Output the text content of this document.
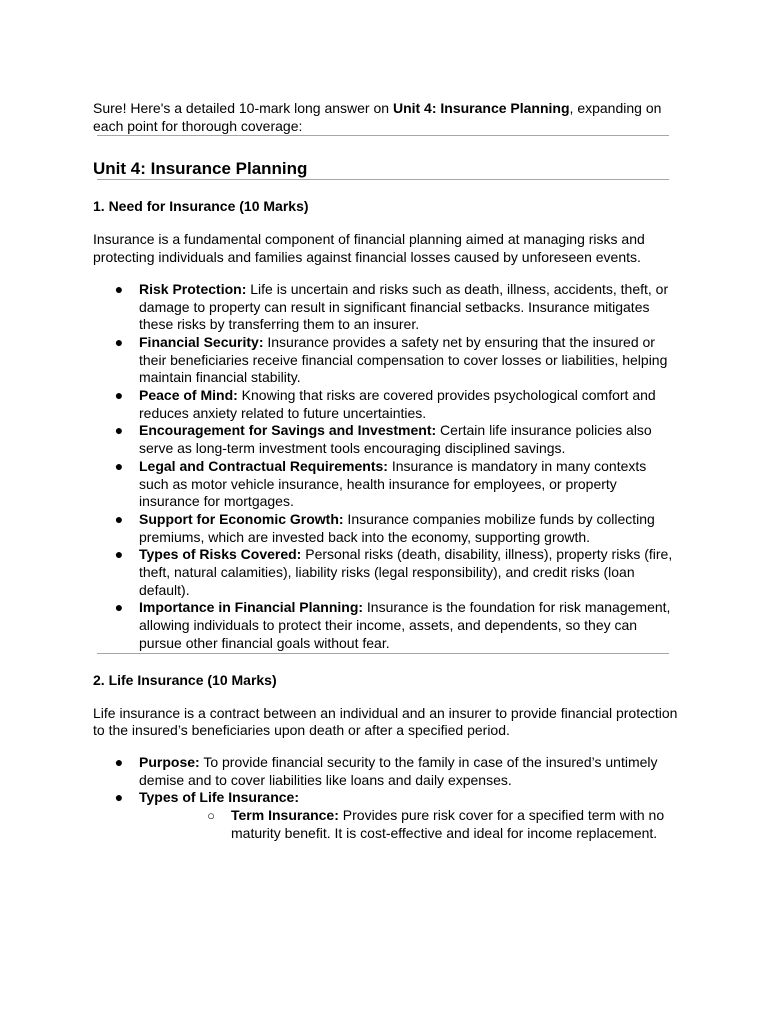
Sure! Here's a detailed 10-mark long answer on Unit 4: Insurance Planning, expanding on each point for thorough coverage:

Unit 4: Insurance Planning
1. Need for Insurance (10 Marks)

Insurance is a fundamental component of financial planning aimed at managing risks and protecting individuals and families against financial losses caused by unforeseen events.

● Risk Protection: Life is uncertain and risks such as death, illness, accidents, theft, or damage to property can result in significant financial setbacks. Insurance mitigates these risks by transferring them to an insurer.
● Financial Security: Insurance provides a safety net by ensuring that the insured or their beneficiaries receive financial compensation to cover losses or liabilities, helping maintain financial stability.
● Peace of Mind: Knowing that risks are covered provides psychological comfort and reduces anxiety related to future uncertainties.
● Encouragement for Savings and Investment: Certain life insurance policies also serve as long-term investment tools encouraging disciplined savings.
● Legal and Contractual Requirements: Insurance is mandatory in many contexts such as motor vehicle insurance, health insurance for employees, or property insurance for mortgages.
● Support for Economic Growth: Insurance companies mobilize funds by collecting premiums, which are invested back into the economy, supporting growth.
● Types of Risks Covered: Personal risks (death, disability, illness), property risks (fire, theft, natural calamities), liability risks (legal responsibility), and credit risks (loan default).
● Importance in Financial Planning: Insurance is the foundation for risk management, allowing individuals to protect their income, assets, and dependents, so they can pursue other financial goals without fear.
2. Life Insurance (10 Marks)

Life insurance is a contract between an individual and an insurer to provide financial protection to the insured’s beneficiaries upon death or after a specified period.

● Purpose: To provide financial security to the family in case of the insured’s untimely demise and to cover liabilities like loans and daily expenses.
● Types of Life Insurance:
○ Term Insurance: Provides pure risk cover for a specified term with no maturity benefit. It is cost-effective and ideal for income replacement.
